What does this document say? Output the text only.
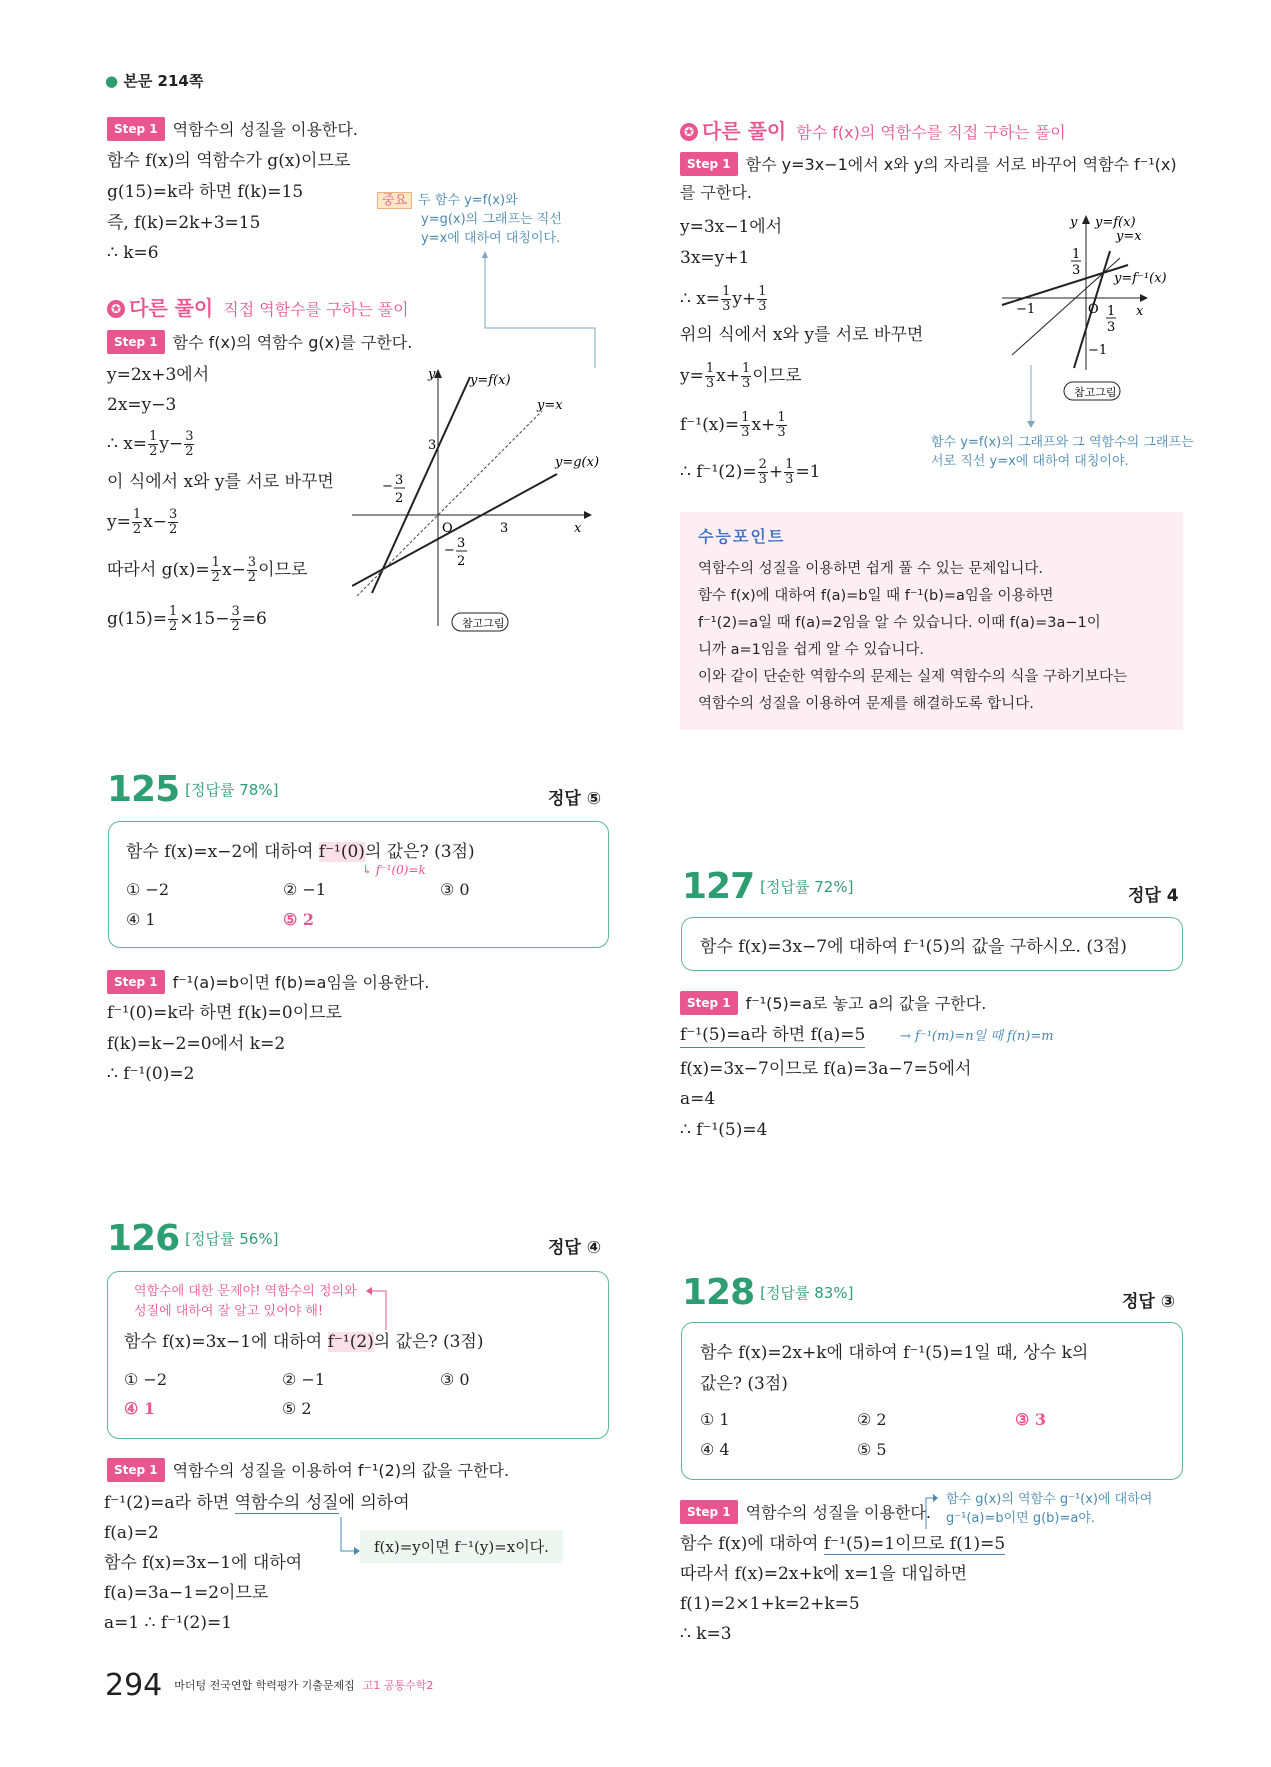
● 본문 214쪽
Step 1 역함수의 성질을 이용한다.
함수 f(x)의 역함수가 g(x)이므로
g(15)=k라 하면 f(k)=15
즉, f(k)=2k+3=15
∴ k=6
중요 두 함수 y=f(x)와
y=g(x)의 그래프는 직선
y=x에 대하여 대칭이다.
✪ 다른 풀이 직접 역함수를 구하는 풀이
Step 1 함수 f(x)의 역함수 g(x)를 구한다.
y=2x+3에서
2x=y−3
∴ $x= \frac{1}{2} y- \frac{3}{2}$
이 식에서 x와 y를 서로 바꾸면
$y= \frac{1}{2} x- \frac{3}{2}$
따라서 $g(x)= \frac{1}{2} x- \frac{3}{2}$ 이므로
$g(15)= \frac{1}{2} \times 15- \frac{3}{2} =6$
y=f(x)
y=x
y=g(x)
y
x
O
3
3
− 3
2
− 3
2
참고그림
✪ 다른 풀이 함수 f(x)의 역함수를 직접 구하는 풀이
Step 1 함수 y=3x−1에서 x와 y의 자리를 서로 바꾸어 역함수 f⁻¹(x)
를 구한다.
y=3x−1에서
3x=y+1
∴ $x= \frac{1}{3} y+ \frac{1}{3}$
위의 식에서 x와 y를 서로 바꾸면
$y= \frac{1}{3} x+ \frac{1}{3}$ 이므로
$f^{-1}(x)= \frac{1}{3} x+ \frac{1}{3}$
∴ $f^{-1}(2)= \frac{2}{3} + \frac{1}{3} =1$
y=f(x)
y=x
y=f⁻¹(x)
y
x
O
−1
−1
1
3
1
3
참고그림
함수 y=f(x)의 그래프와 그 역함수의 그래프는
서로 직선 y=x에 대하여 대칭이야.
수능포인트
역함수의 성질을 이용하면 쉽게 풀 수 있는 문제입니다.
함수 f(x)에 대하여 f(a)=b일 때 f⁻¹(b)=a임을 이용하면
f⁻¹(2)=a일 때 f(a)=2임을 알 수 있습니다. 이때 f(a)=3a−1이
니까 a=1임을 쉽게 알 수 있습니다.
이와 같이 단순한 역함수의 문제는 실제 역함수의 식을 구하기보다는
역함수의 성질을 이용하여 문제를 해결하도록 합니다.
125 [정답률 78%]	정답 ⑤
함수 f(x)=x−2에 대하여 f⁻¹(0)의 값은? (3점)
↳ f⁻¹(0)=k
① −2	② −1	③ 0
④ 1	⑤ 2
Step 1 f⁻¹(a)=b이면 f(b)=a임을 이용한다.
f⁻¹(0)=k라 하면 f(k)=0이므로
f(k)=k−2=0에서 k=2
∴ f⁻¹(0)=2
127 [정답률 72%]	정답 4
함수 f(x)=3x−7에 대하여 f⁻¹(5)의 값을 구하시오. (3점)
Step 1 f⁻¹(5)=a로 놓고 a의 값을 구한다.
f⁻¹(5)=a라 하면 f(a)=5	→ f⁻¹(m)=n일 때 f(n)=m
f(x)=3x−7이므로 f(a)=3a−7=5에서
a=4
∴ f⁻¹(5)=4
126 [정답률 56%]	정답 ④
역함수에 대한 문제야! 역함수의 정의와
성질에 대하여 잘 알고 있어야 해!
함수 f(x)=3x−1에 대하여 f⁻¹(2)의 값은? (3점)
① −2	② −1	③ 0
④ 1	⑤ 2
Step 1 역함수의 성질을 이용하여 f⁻¹(2)의 값을 구한다.
f⁻¹(2)=a라 하면 역함수의 성질에 의하여
f(a)=2
함수 f(x)=3x−1에 대하여
f(a)=3a−1=2이므로
a=1 ∴ f⁻¹(2)=1
f(x)=y이면 f⁻¹(y)=x이다.
128 [정답률 83%]	정답 ③
함수 f(x)=2x+k에 대하여 f⁻¹(5)=1일 때, 상수 k의
값은? (3점)
① 1	② 2	③ 3
④ 4	⑤ 5
Step 1 역함수의 성질을 이용한다.
함수 g(x)의 역함수 g⁻¹(x)에 대하여
g⁻¹(a)=b이면 g(b)=a야.
함수 f(x)에 대하여 f⁻¹(5)=1이므로 f(1)=5
따라서 f(x)=2x+k에 x=1을 대입하면
f(1)=2×1+k=2+k=5
∴ k=3
294 $^{마더텅 전국연합 학력평가 기출문제집}$ $^{고1 공통수학2}$
